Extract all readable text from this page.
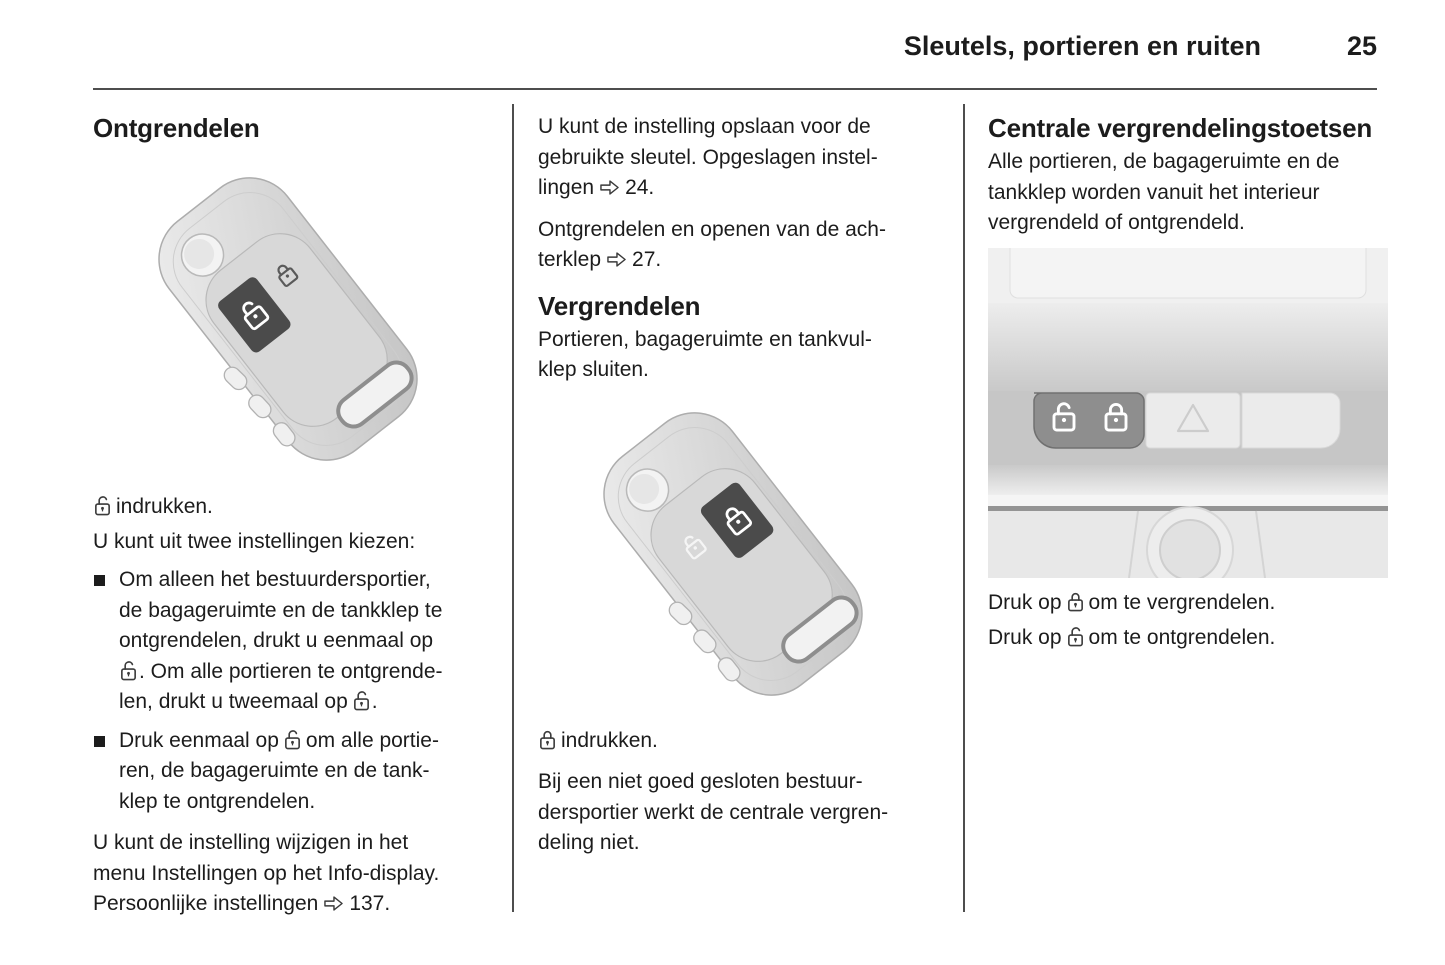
Sleutels, portieren en ruiten	25
Ontgrendelen
indrukken.
U kunt uit twee instellingen kiezen:
Om alleen het bestuurdersportier,
de bagageruimte en de tankklep te
ontgrendelen, drukt u eenmaal op
. Om alle portieren te ontgrende-
len, drukt u tweemaal op .
Druk eenmaal op om alle portie-
ren, de bagageruimte en de tank-
klep te ontgrendelen.
U kunt de instelling wijzigen in het
menu Instellingen op het Info-display.
Persoonlijke instellingen 137.
U kunt de instelling opslaan voor de
gebruikte sleutel. Opgeslagen instel-
lingen 24.
Ontgrendelen en openen van de ach-
terklep 27.
Vergrendelen
Portieren, bagageruimte en tankvul-
klep sluiten.
indrukken.
Bij een niet goed gesloten bestuur-
dersportier werkt de centrale vergren-
deling niet.
Centrale vergrendelingstoetsen
Alle portieren, de bagageruimte en de
tankklep worden vanuit het interieur
vergrendeld of ontgrendeld.
Druk op om te vergrendelen.
Druk op om te ontgrendelen.
